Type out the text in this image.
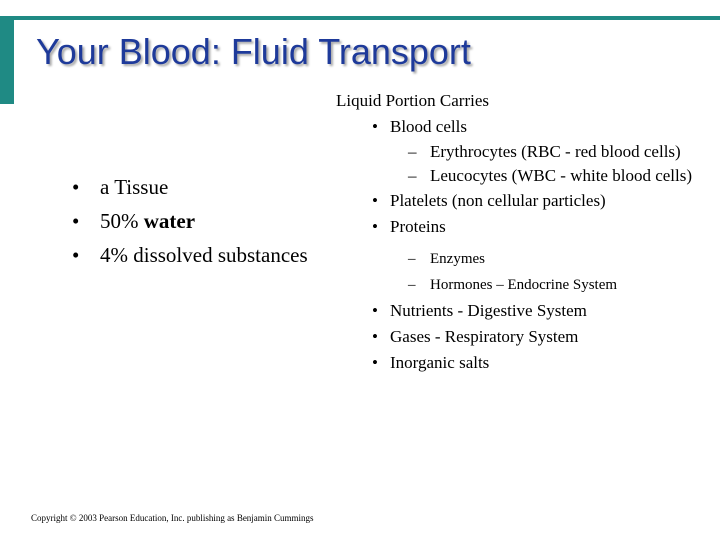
Your Blood: Fluid Transport
• a Tissue
• 50% water
• 4% dissolved substances

Liquid Portion Carries

• Blood cells
– Erythrocytes (RBC - red blood cells)
– Leucocytes (WBC - white blood cells)
• Platelets (non cellular particles)
• Proteins
– Enzymes
– Hormones – Endocrine System
• Nutrients - Digestive System
• Gases - Respiratory System
• Inorganic salts
Copyright © 2003 Pearson Education, Inc. publishing as Benjamin Cummings
